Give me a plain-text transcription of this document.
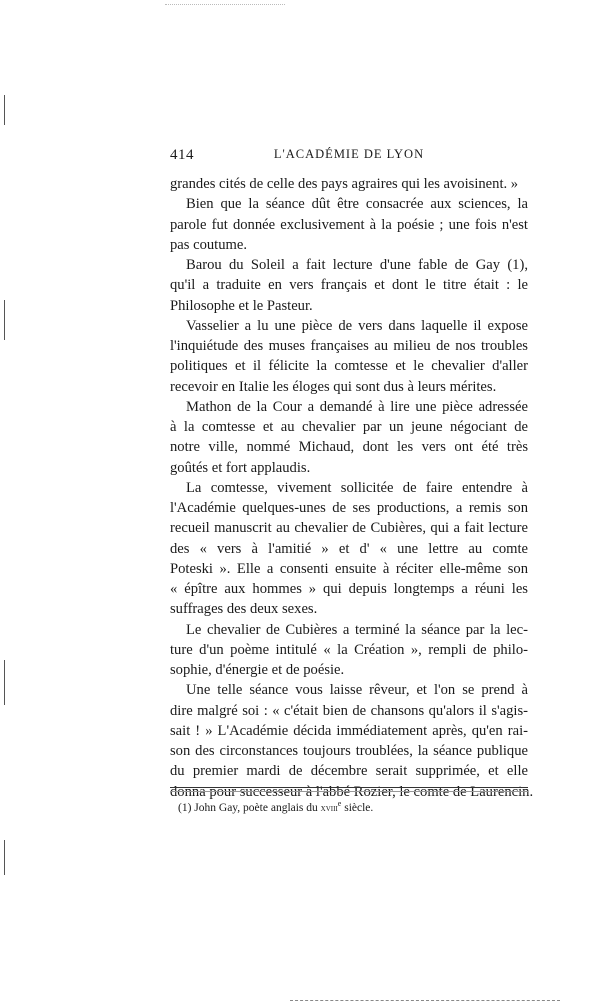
414	L'ACADÉMIE DE LYON
grandes cités de celle des pays agraires qui les avoisinent. »
Bien que la séance dût être consacrée aux sciences, la
parole fut donnée exclusivement à la poésie ; une fois n'est
pas coutume.
Barou du Soleil a fait lecture d'une fable de Gay (1),
qu'il a traduite en vers français et dont le titre était : le
Philosophe et le Pasteur.
Vasselier a lu une pièce de vers dans laquelle il expose
l'inquiétude des muses françaises au milieu de nos troubles
politiques et il félicite la comtesse et le chevalier d'aller
recevoir en Italie les éloges qui sont dus à leurs mérites.
Mathon de la Cour a demandé à lire une pièce adressée
à la comtesse et au chevalier par un jeune négociant de
notre ville, nommé Michaud, dont les vers ont été très
goûtés et fort applaudis.
La comtesse, vivement sollicitée de faire entendre à
l'Académie quelques-unes de ses productions, a remis son
recueil manuscrit au chevalier de Cubières, qui a fait lecture
des « vers à l'amitié » et d' « une lettre au comte
Poteski ». Elle a consenti ensuite à réciter elle-même son
« épître aux hommes » qui depuis longtemps a réuni les
suffrages des deux sexes.
Le chevalier de Cubières a terminé la séance par la lec-
ture d'un poème intitulé « la Création », rempli de philo-
sophie, d'énergie et de poésie.
Une telle séance vous laisse rêveur, et l'on se prend à
dire malgré soi : « c'était bien de chansons qu'alors il s'agis-
sait ! » L'Académie décida immédiatement après, qu'en rai-
son des circonstances toujours troublées, la séance publique
du premier mardi de décembre serait supprimée, et elle
donna pour successeur à l'abbé Rozier, le comte de Laurencin.
(1) John Gay, poète anglais du xviii$^e$ siècle.
